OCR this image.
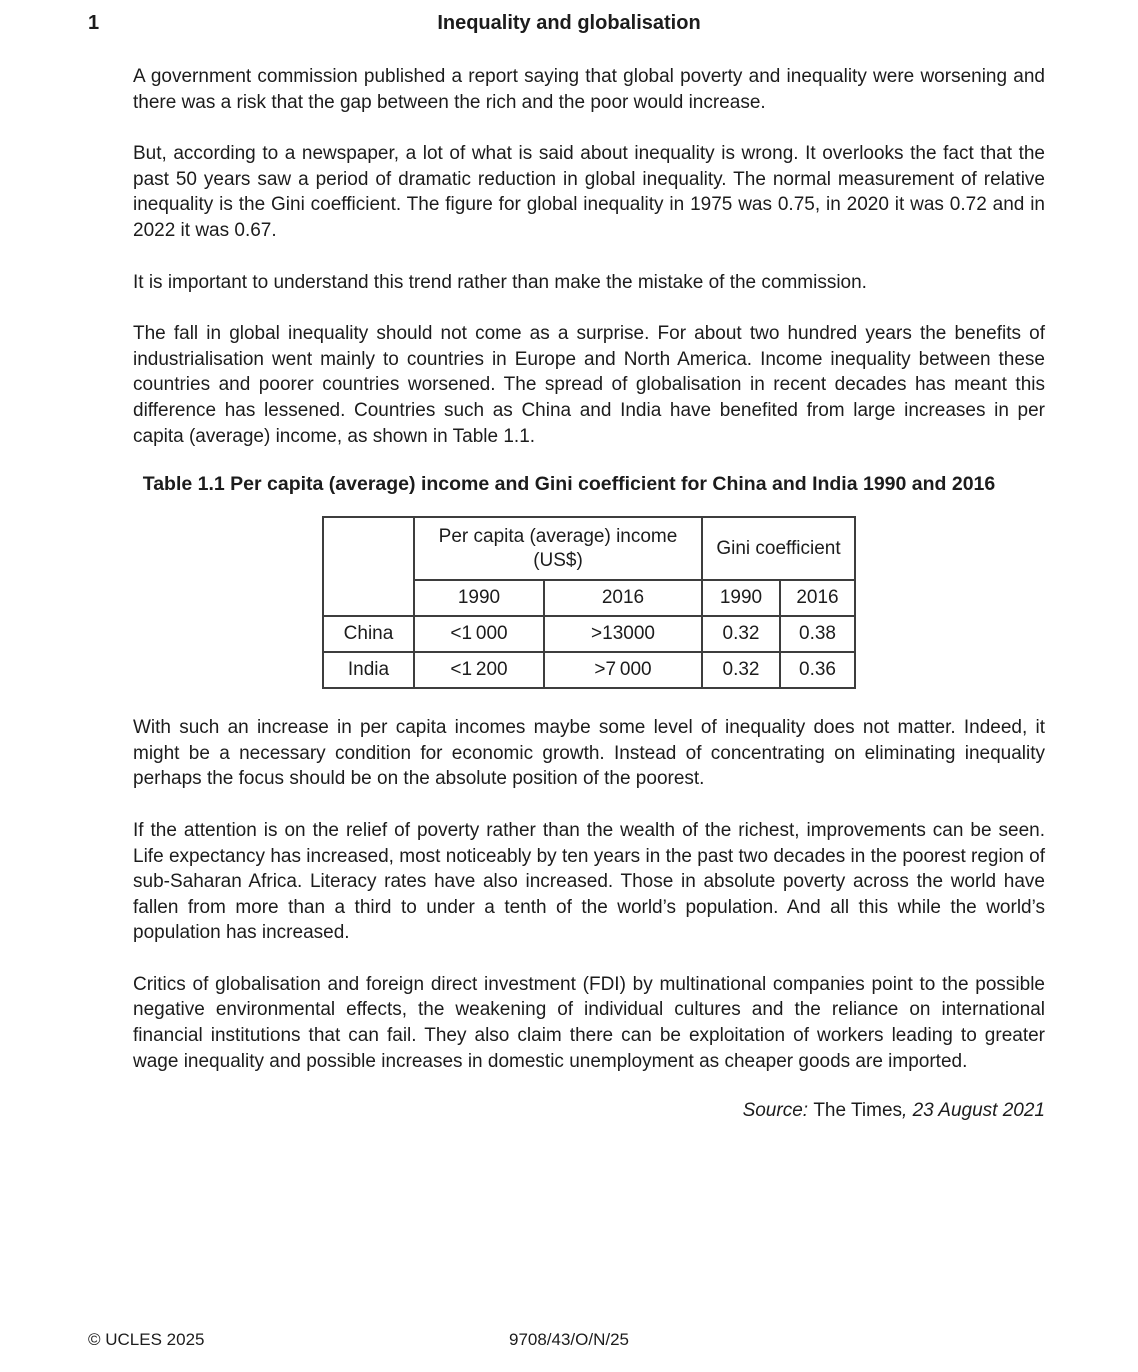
1	Inequality and globalisation

A government commission published a report saying that global poverty and inequality were worsening and there was a risk that the gap between the rich and the poor would increase.

But, according to a newspaper, a lot of what is said about inequality is wrong. It overlooks the fact that the past 50 years saw a period of dramatic reduction in global inequality. The normal measurement of relative inequality is the Gini coefficient. The figure for global inequality in 1975 was 0.75, in 2020 it was 0.72 and in 2022 it was 0.67.

It is important to understand this trend rather than make the mistake of the commission.

The fall in global inequality should not come as a surprise. For about two hundred years the benefits of industrialisation went mainly to countries in Europe and North America. Income inequality between these countries and poorer countries worsened. The spread of globalisation in recent decades has meant this difference has lessened. Countries such as China and India have benefited from large increases in per capita (average) income, as shown in Table 1.1.

Table 1.1 Per capita (average) income and Gini coefficient for China and India 1990 and 2016
	Per capita (average) income (US$)		Gini coefficient	
	1990	2016	1990	2016
China	<1 000	>13000	0.32	0.38
India	<1 200	>7 000	0.32	0.36

With such an increase in per capita incomes maybe some level of inequality does not matter. Indeed, it might be a necessary condition for economic growth. Instead of concentrating on eliminating inequality perhaps the focus should be on the absolute position of the poorest.

If the attention is on the relief of poverty rather than the wealth of the richest, improvements can be seen. Life expectancy has increased, most noticeably by ten years in the past two decades in the poorest region of sub-Saharan Africa. Literacy rates have also increased. Those in absolute poverty across the world have fallen from more than a third to under a tenth of the world’s population. And all this while the world’s population has increased.

Critics of globalisation and foreign direct investment (FDI) by multinational companies point to the possible negative environmental effects, the weakening of individual cultures and the reliance on international financial institutions that can fail. They also claim there can be exploitation of workers leading to greater wage inequality and possible increases in domestic unemployment as cheaper goods are imported.

Source: The Times, 23 August 2021
© UCLES 2025	9708/43/O/N/25
